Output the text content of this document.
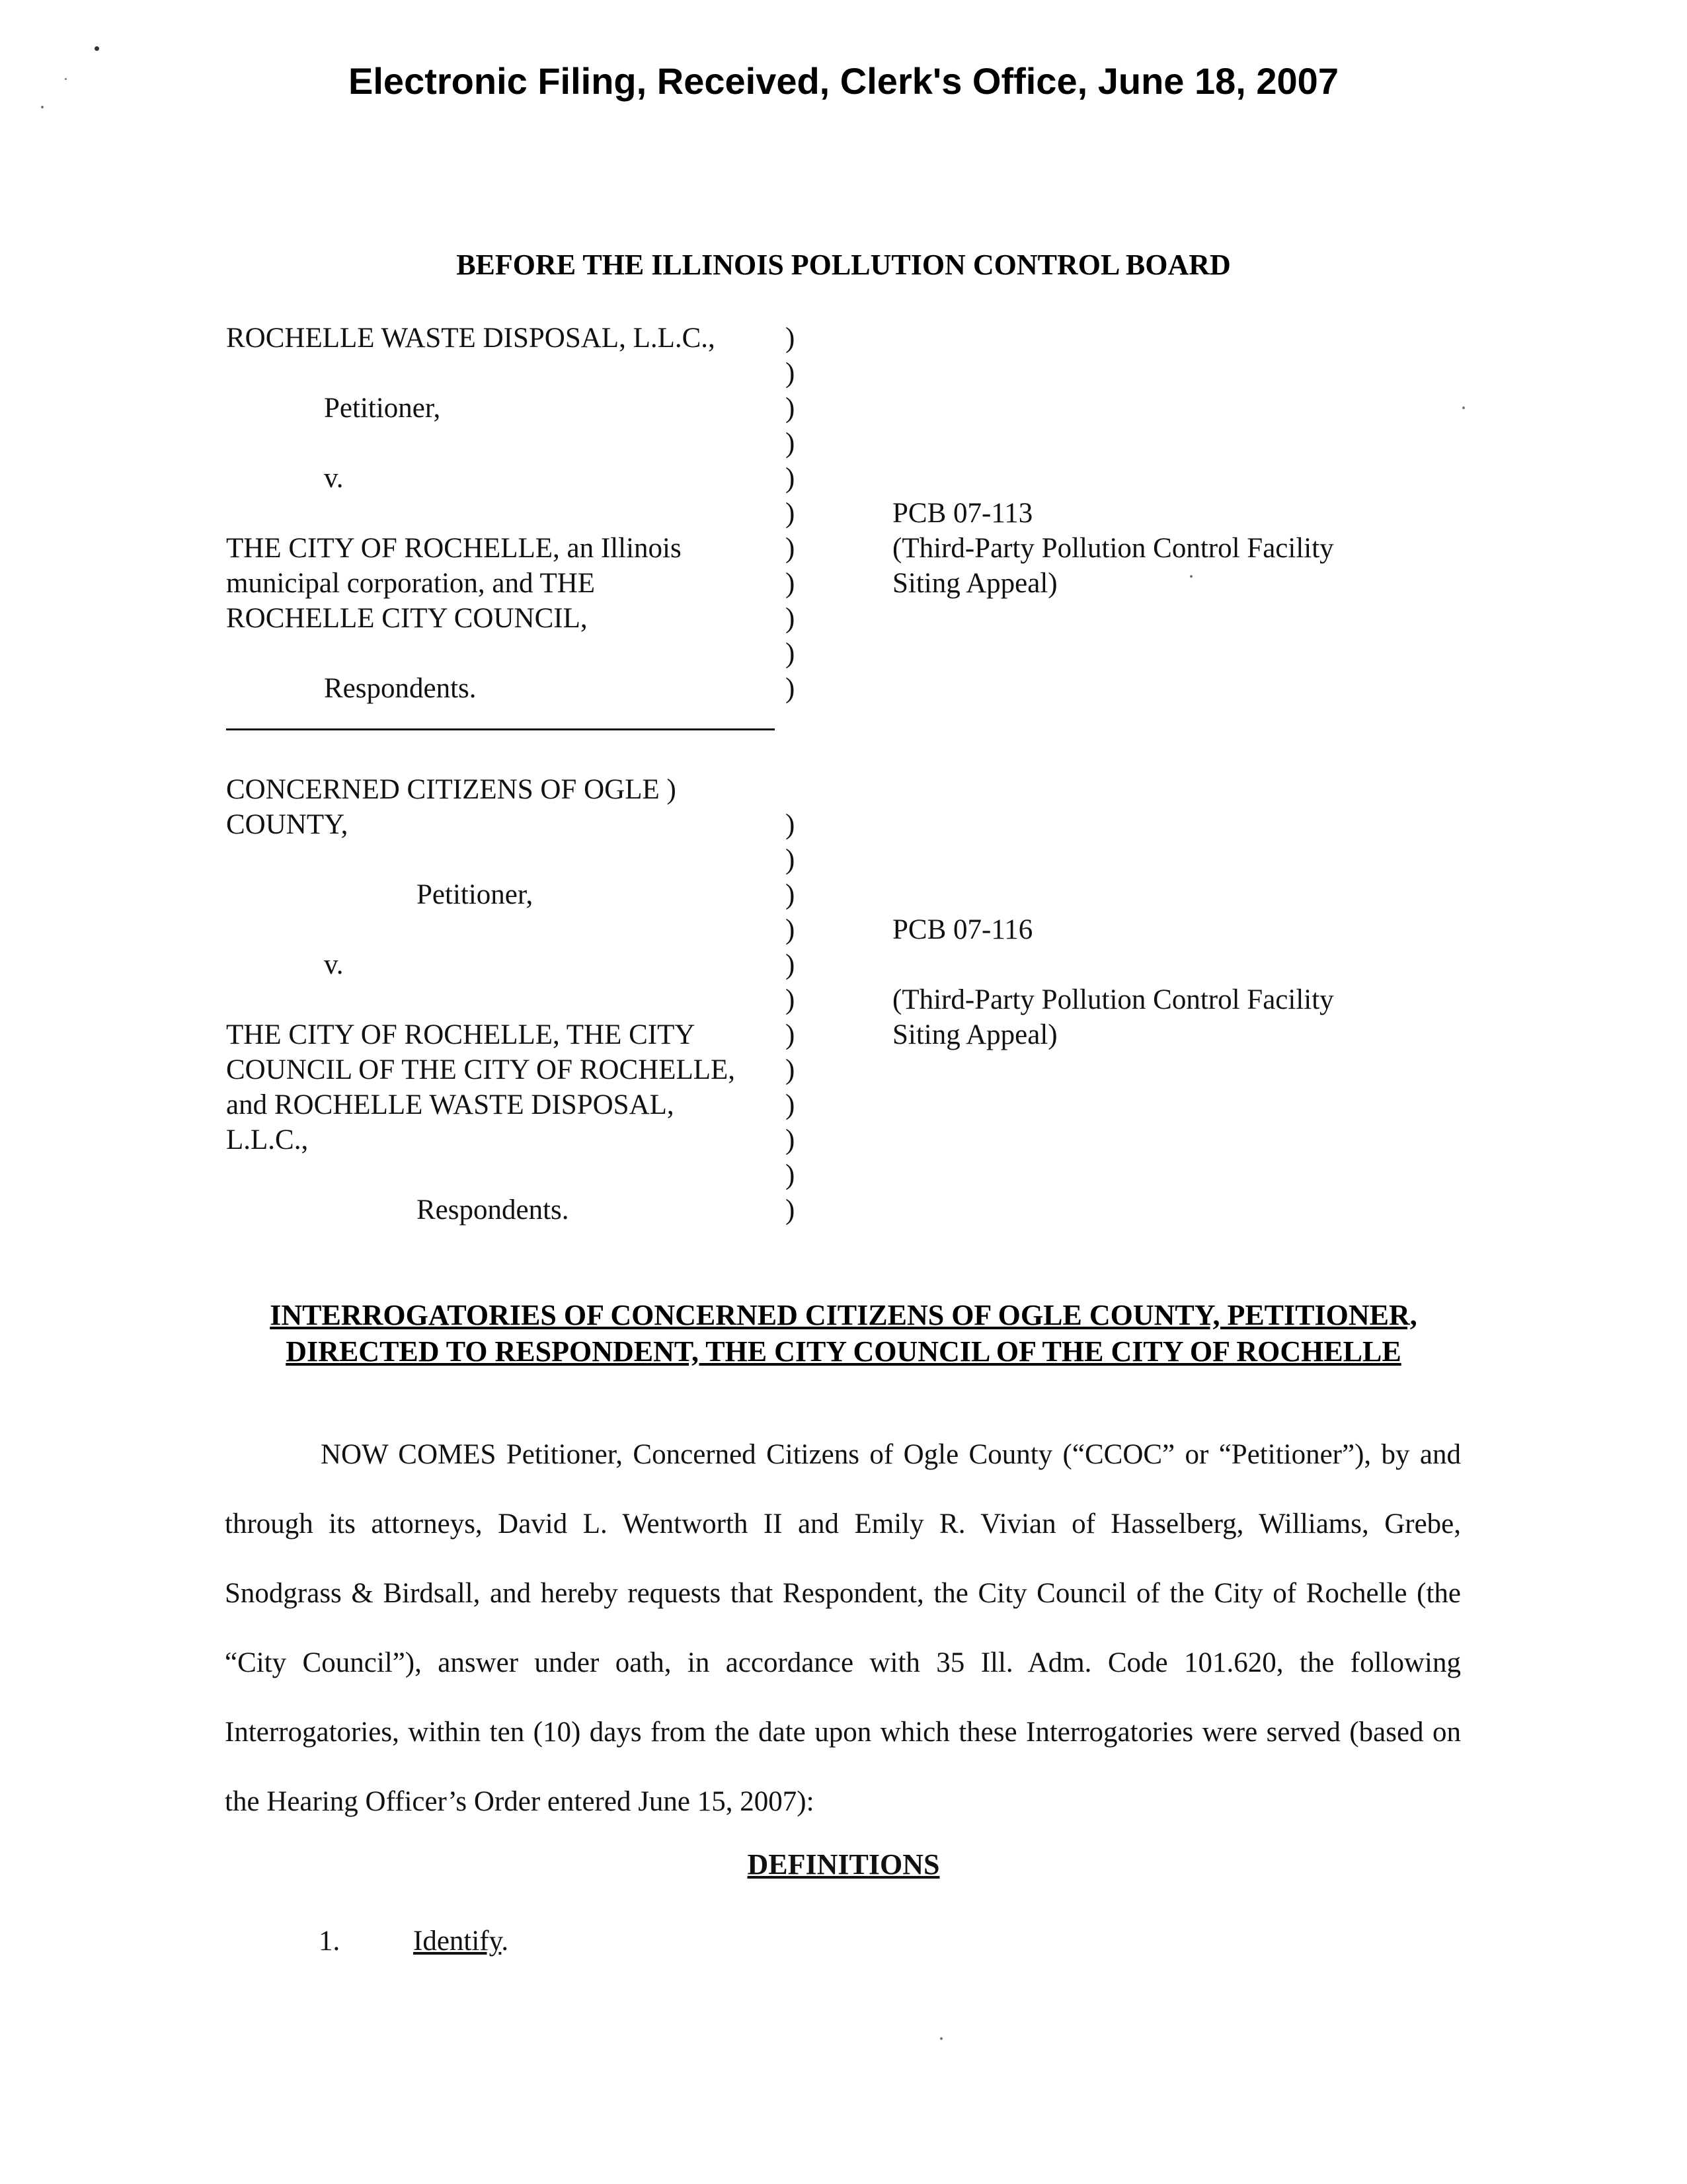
Electronic Filing, Received, Clerk's Office, June 18, 2007
BEFORE THE ILLINOIS POLLUTION CONTROL BOARD
ROCHELLE WASTE DISPOSAL, L.L.C.,
Petitioner,
v.
THE CITY OF ROCHELLE, an Illinois
municipal corporation, and THE
ROCHELLE CITY COUNCIL,
Respondents.
PCB 07-113
(Third-Party Pollution Control Facility
Siting Appeal)
)
)
)
)
)
)
)
)
)
)
)
CONCERNED CITIZENS OF OGLE )
COUNTY,
Petitioner,
v.
THE CITY OF ROCHELLE, THE CITY
COUNCIL OF THE CITY OF ROCHELLE,
and ROCHELLE WASTE DISPOSAL,
L.L.C.,
Respondents.
PCB 07-116
(Third-Party Pollution Control Facility
Siting Appeal)
)
)
)
)
)
)
)
)
)
)
)
)
INTERROGATORIES OF CONCERNED CITIZENS OF OGLE COUNTY, PETITIONER,
DIRECTED TO RESPONDENT, THE CITY COUNCIL OF THE CITY OF ROCHELLE
NOW COMES Petitioner, Concerned Citizens of Ogle County (“CCOC” or “Petitioner”), by and through its attorneys, David L. Wentworth II and Emily R. Vivian of Hasselberg, Williams, Grebe, Snodgrass & Birdsall, and hereby requests that Respondent, the City Council of the City of Rochelle (the “City Council”), answer under oath, in accordance with 35 Ill. Adm. Code 101.620, the following Interrogatories, within ten (10) days from the date upon which these Interrogatories were served (based on the Hearing Officer’s Order entered June 15, 2007):
DEFINITIONS
1.	Identify.
